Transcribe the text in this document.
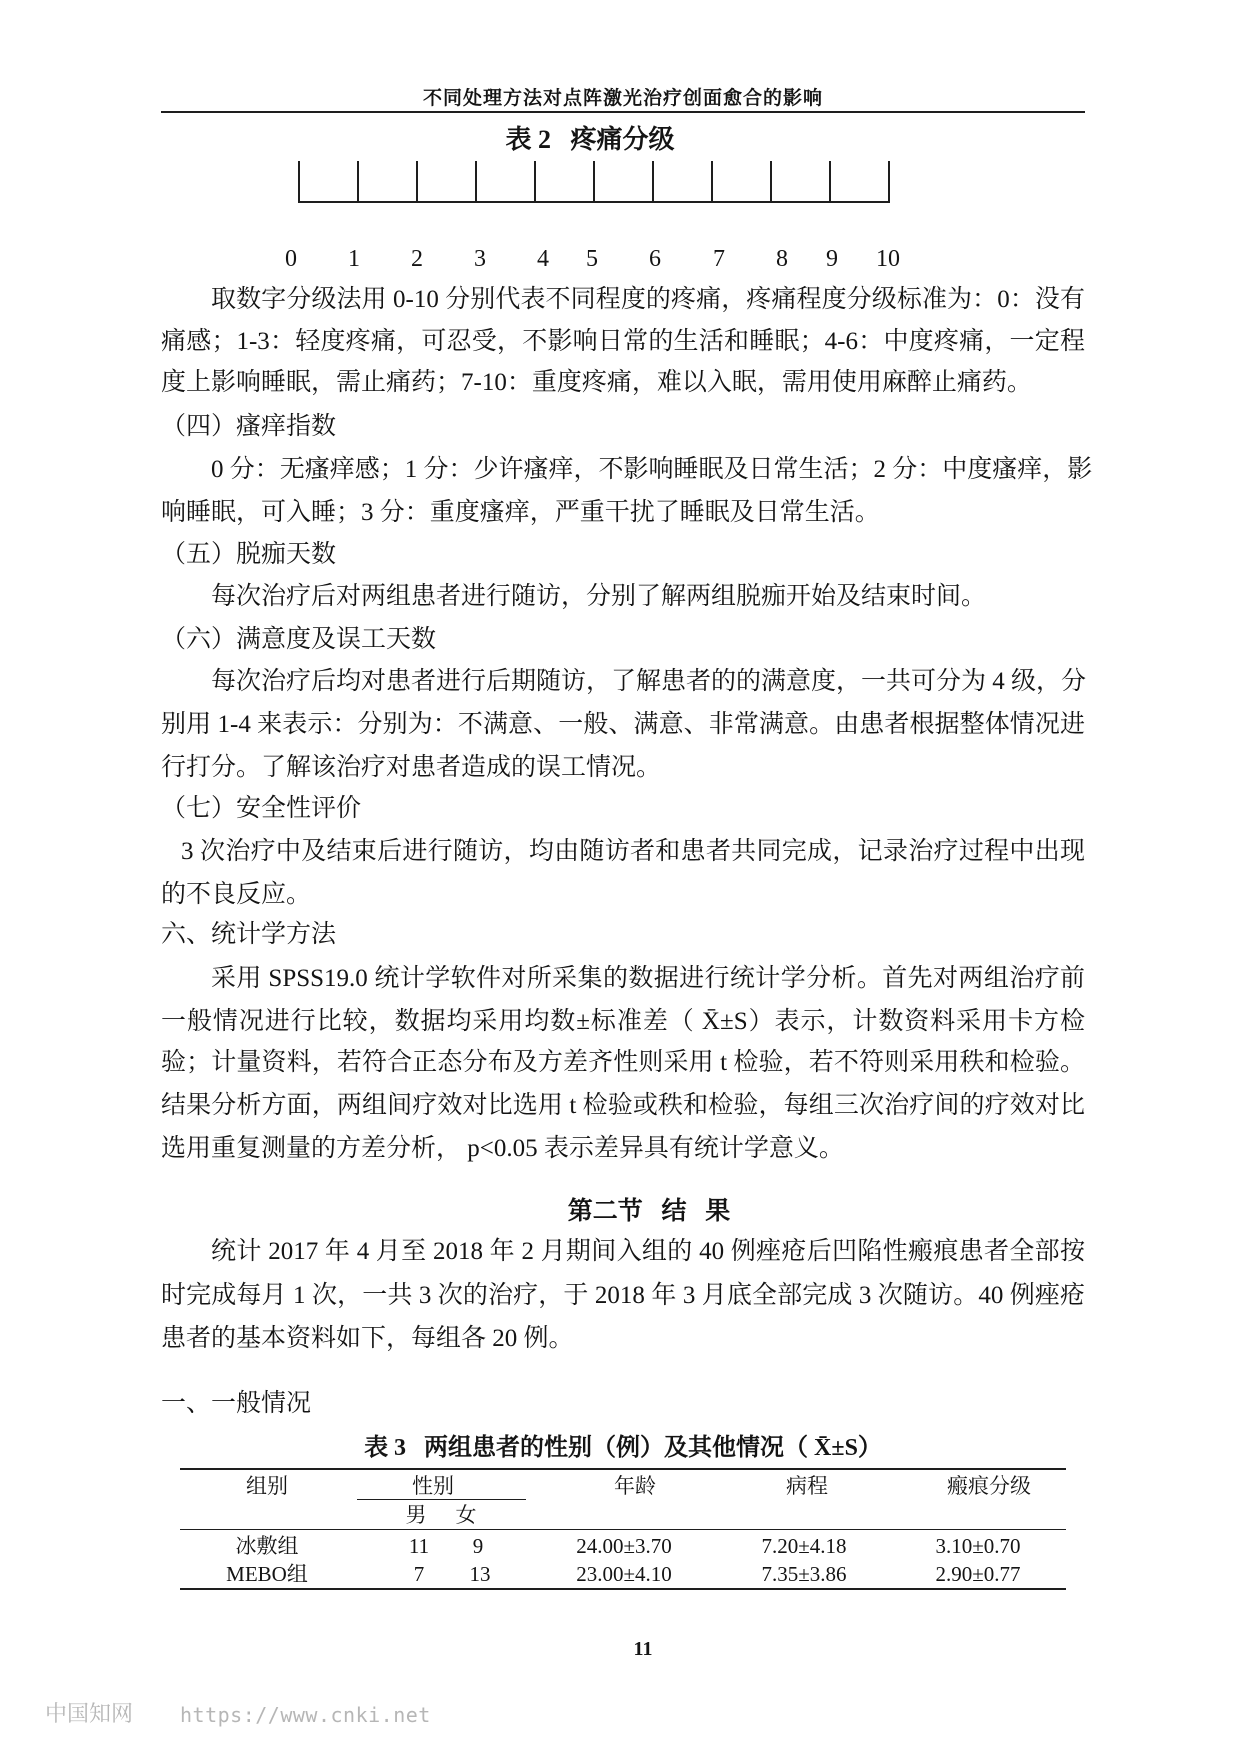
不同处理方法对点阵激光治疗创面愈合的影响
表 2   疼痛分级
0	1	2	3	4	5	6	7	8	9	10
取数字分级法用 0-10 分别代表不同程度的疼痛，疼痛程度分级标准为：0：没有
痛感；1-3：轻度疼痛，可忍受，不影响日常的生活和睡眠；4-6：中度疼痛，一定程
度上影响睡眠，需止痛药；7-10：重度疼痛，难以入眠，需用使用麻醉止痛药。
（四）瘙痒指数
0 分：无瘙痒感；1 分：少许瘙痒，不影响睡眠及日常生活；2 分：中度瘙痒，影
响睡眠，可入睡；3 分：重度瘙痒，严重干扰了睡眠及日常生活。
（五）脱痂天数
每次治疗后对两组患者进行随访，分别了解两组脱痂开始及结束时间。
（六）满意度及误工天数
每次治疗后均对患者进行后期随访，了解患者的的满意度，一共可分为 4 级，分
别用 1-4 来表示：分别为：不满意、一般、满意、非常满意。由患者根据整体情况进
行打分。了解该治疗对患者造成的误工情况。
（七）安全性评价
3 次治疗中及结束后进行随访，均由随访者和患者共同完成，记录治疗过程中出现
的不良反应。
六、统计学方法
采用 SPSS19.0 统计学软件对所采集的数据进行统计学分析。首先对两组治疗前
一般情况进行比较，数据均采用均数±标准差（ X̄±S）表示，计数资料采用卡方检
验；计量资料，若符合正态分布及方差齐性则采用 t 检验，若不符则采用秩和检验。
结果分析方面，两组间疗效对比选用 t 检验或秩和检验，每组三次治疗间的疗效对比
选用重复测量的方差分析， p<0.05 表示差异具有统计学意义。
第二节   结   果
统计 2017 年 4 月至 2018 年 2 月期间入组的 40 例痤疮后凹陷性瘢痕患者全部按
时完成每月 1 次，一共 3 次的治疗，于 2018 年 3 月底全部完成 3 次随访。40 例痤疮
患者的基本资料如下，每组各 20 例。
一、一般情况
表 3   两组患者的性别（例）及其他情况（ X̄±S）
组别	性别	年龄	病程	瘢痕分级
男	女
冰敷组	11	9	24.00±3.70	7.20±4.18	3.10±0.70
MEBO组	7	13	23.00±4.10	7.35±3.86	2.90±0.77
11
中国知网 https://www.cnki.net
